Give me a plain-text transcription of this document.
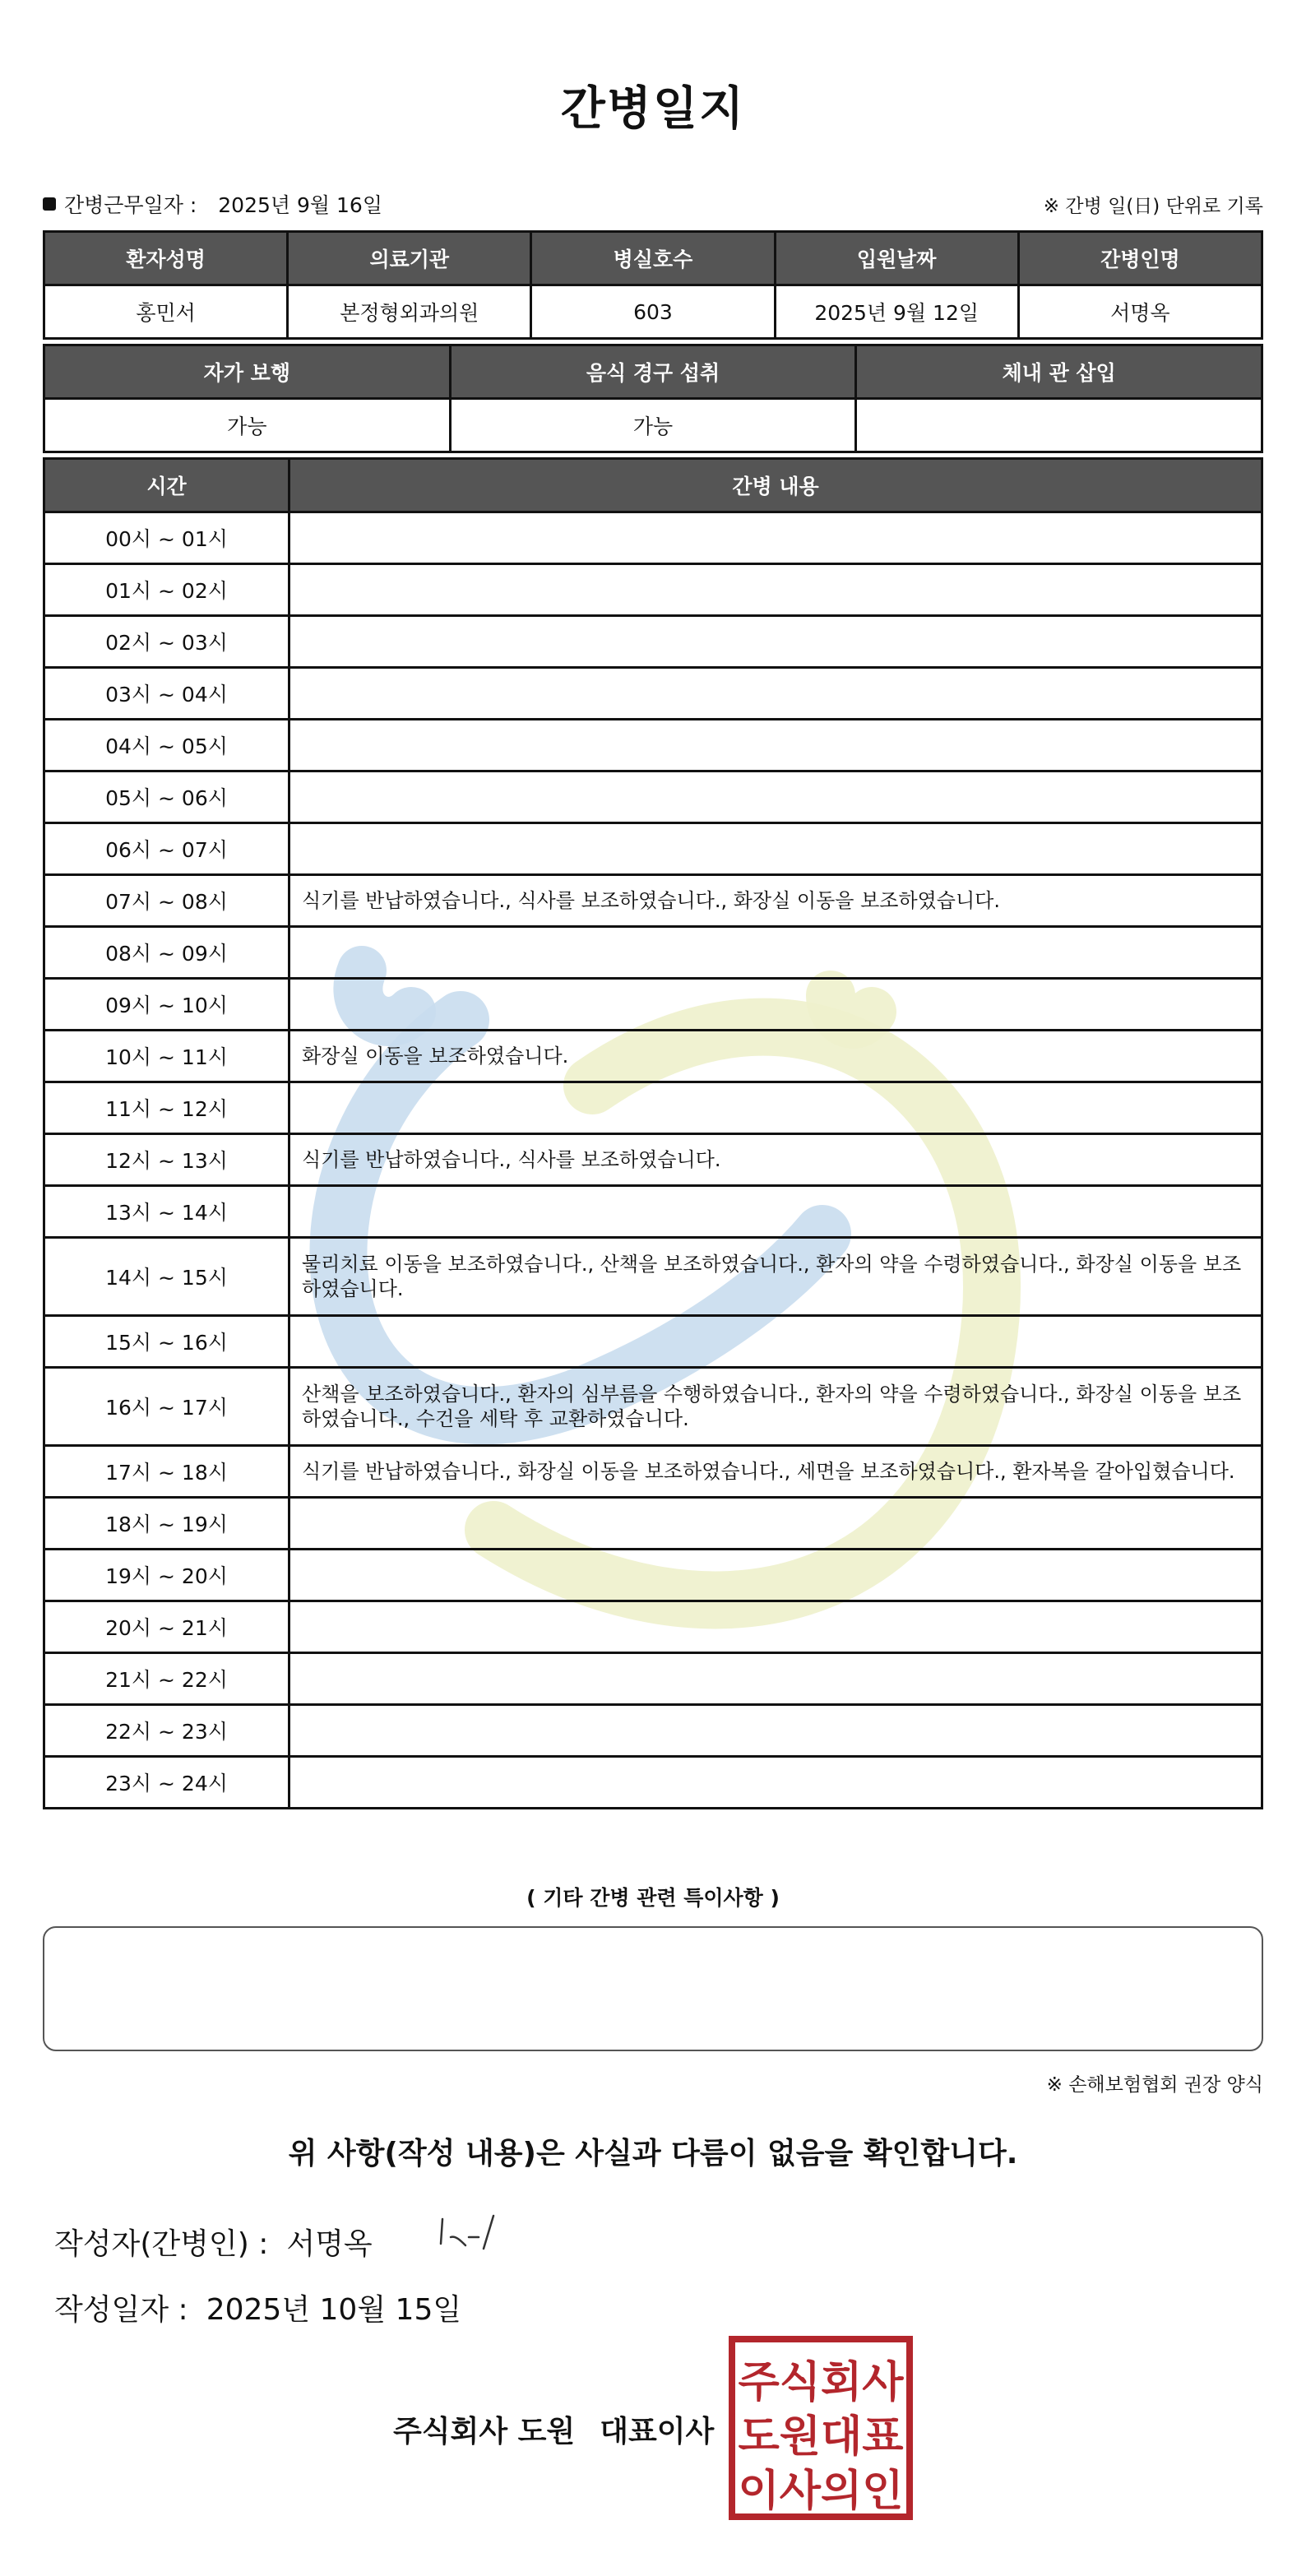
간병일지
간병근무일자 : 2025년 9월 16일	※ 간병 일(日) 단위로 기록
환자성명	의료기관	병실호수	입원날짜	간병인명
홍민서	본정형외과의원	603	2025년 9월 12일	서명옥
자가 보행	음식 경구 섭취	체내 관 삽입
가능	가능	
시간	간병 내용
00시 ~ 01시	
01시 ~ 02시	
02시 ~ 03시	
03시 ~ 04시	
04시 ~ 05시	
05시 ~ 06시	
06시 ~ 07시	
07시 ~ 08시	식기를 반납하였습니다., 식사를 보조하였습니다., 화장실 이동을 보조하였습니다.
08시 ~ 09시	
09시 ~ 10시	
10시 ~ 11시	화장실 이동을 보조하였습니다.
11시 ~ 12시	
12시 ~ 13시	식기를 반납하였습니다., 식사를 보조하였습니다.
13시 ~ 14시	
14시 ~ 15시	물리치료 이동을 보조하였습니다., 산책을 보조하였습니다., 환자의 약을 수령하였습니다., 화장실 이동을 보조하였습니다.
15시 ~ 16시	
16시 ~ 17시	산책을 보조하였습니다., 환자의 심부름을 수행하였습니다., 환자의 약을 수령하였습니다., 화장실 이동을 보조하였습니다., 수건을 세탁 후 교환하였습니다.
17시 ~ 18시	식기를 반납하였습니다., 화장실 이동을 보조하였습니다., 세면을 보조하였습니다., 환자복을 갈아입혔습니다.
18시 ~ 19시	
19시 ~ 20시	
20시 ~ 21시	
21시 ~ 22시	
22시 ~ 23시	
23시 ~ 24시	
( 기타 간병 관련 특이사항 )
※ 손해보험협회 권장 양식
위 사항(작성 내용)은 사실과 다름이 없음을 확인합니다.
작성자(간병인) : 서명옥
작성일자 : 2025년 10월 15일
주식회사 도원 대표이사
주식회사
도원대표
이사의인
